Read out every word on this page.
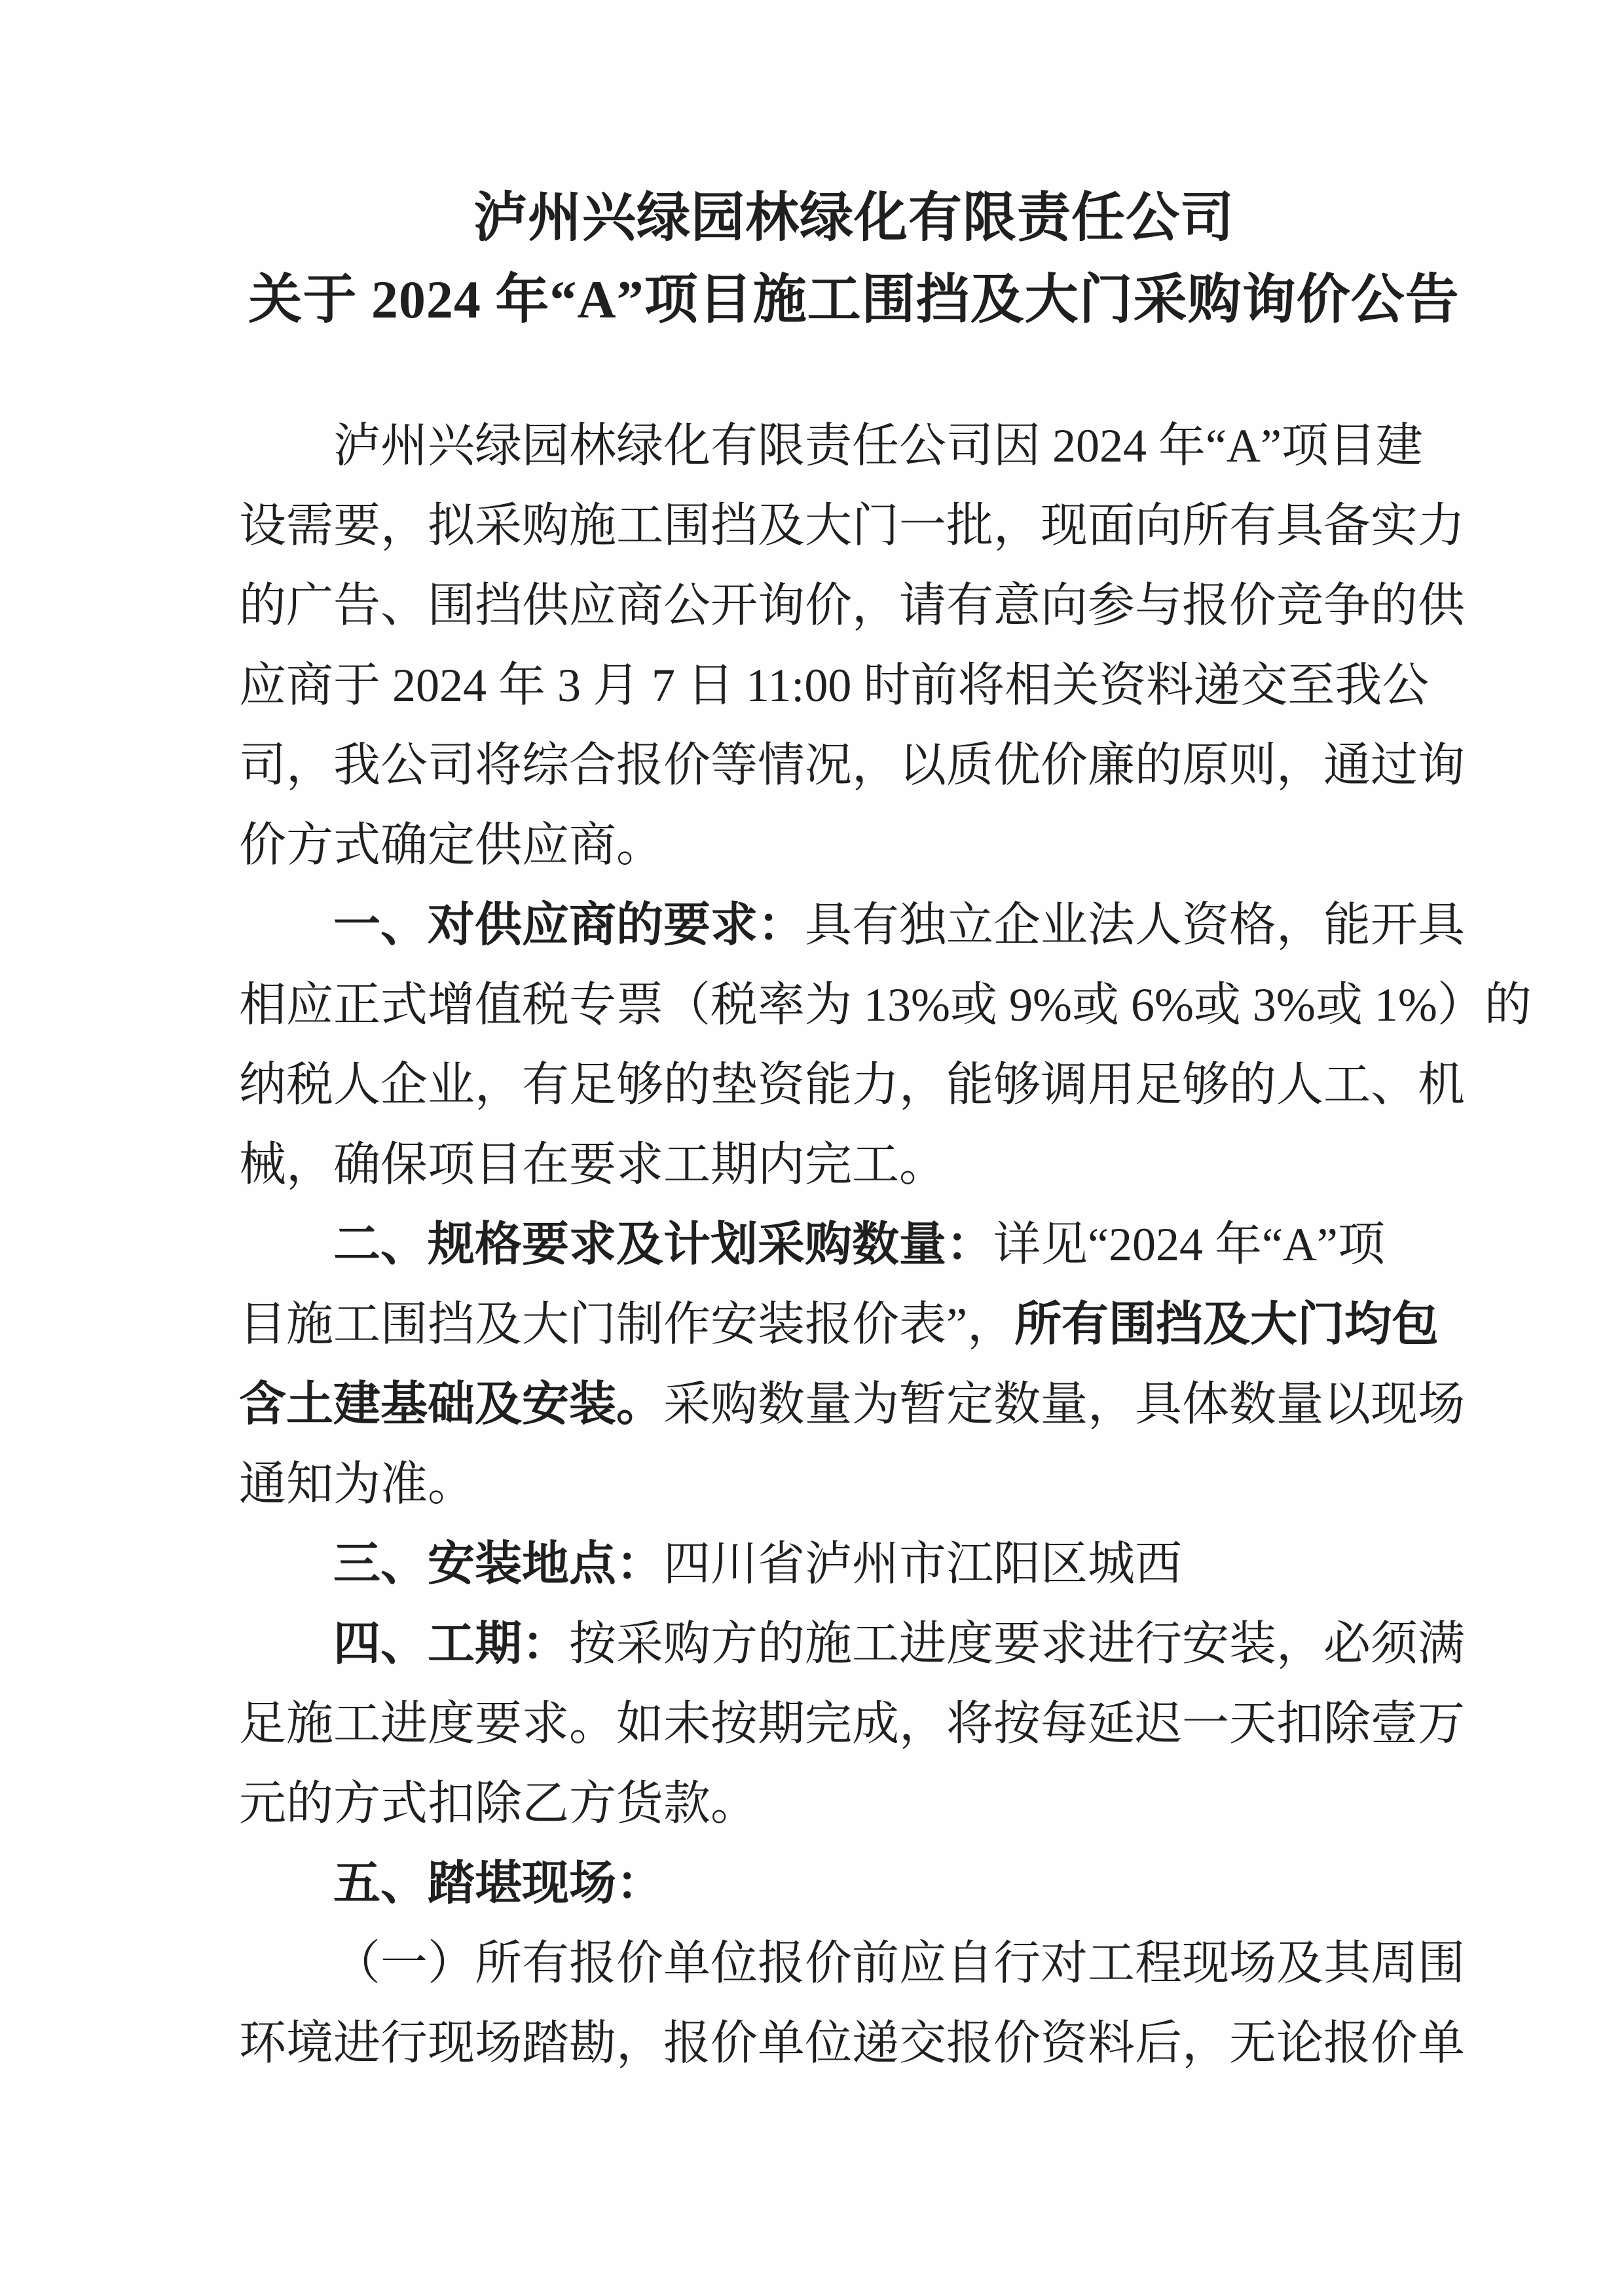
泸州兴绿园林绿化有限责任公司
关于 2024 年“A”项目施工围挡及大门采购询价公告
泸州兴绿园林绿化有限责任公司因 2024 年“A”项目建
设需要，拟采购施工围挡及大门一批，现面向所有具备实力
的广告、围挡供应商公开询价，请有意向参与报价竞争的供
应商于 2024 年 3 月 7 日 11:00 时前将相关资料递交至我公
司，我公司将综合报价等情况，以质优价廉的原则，通过询
价方式确定供应商。
一、对供应商的要求：具有独立企业法人资格，能开具
相应正式增值税专票（税率为 13%或 9%或 6%或 3%或 1%）的
纳税人企业，有足够的垫资能力，能够调用足够的人工、机
械，确保项目在要求工期内完工。
二、规格要求及计划采购数量：详见“2024 年“A”项
目施工围挡及大门制作安装报价表”，所有围挡及大门均包
含土建基础及安装。采购数量为暂定数量，具体数量以现场
通知为准。
三、安装地点：四川省泸州市江阳区城西
四、工期：按采购方的施工进度要求进行安装，必须满
足施工进度要求。如未按期完成，将按每延迟一天扣除壹万
元的方式扣除乙方货款。
五、踏堪现场：
（一）所有报价单位报价前应自行对工程现场及其周围
环境进行现场踏勘，报价单位递交报价资料后，无论报价单
